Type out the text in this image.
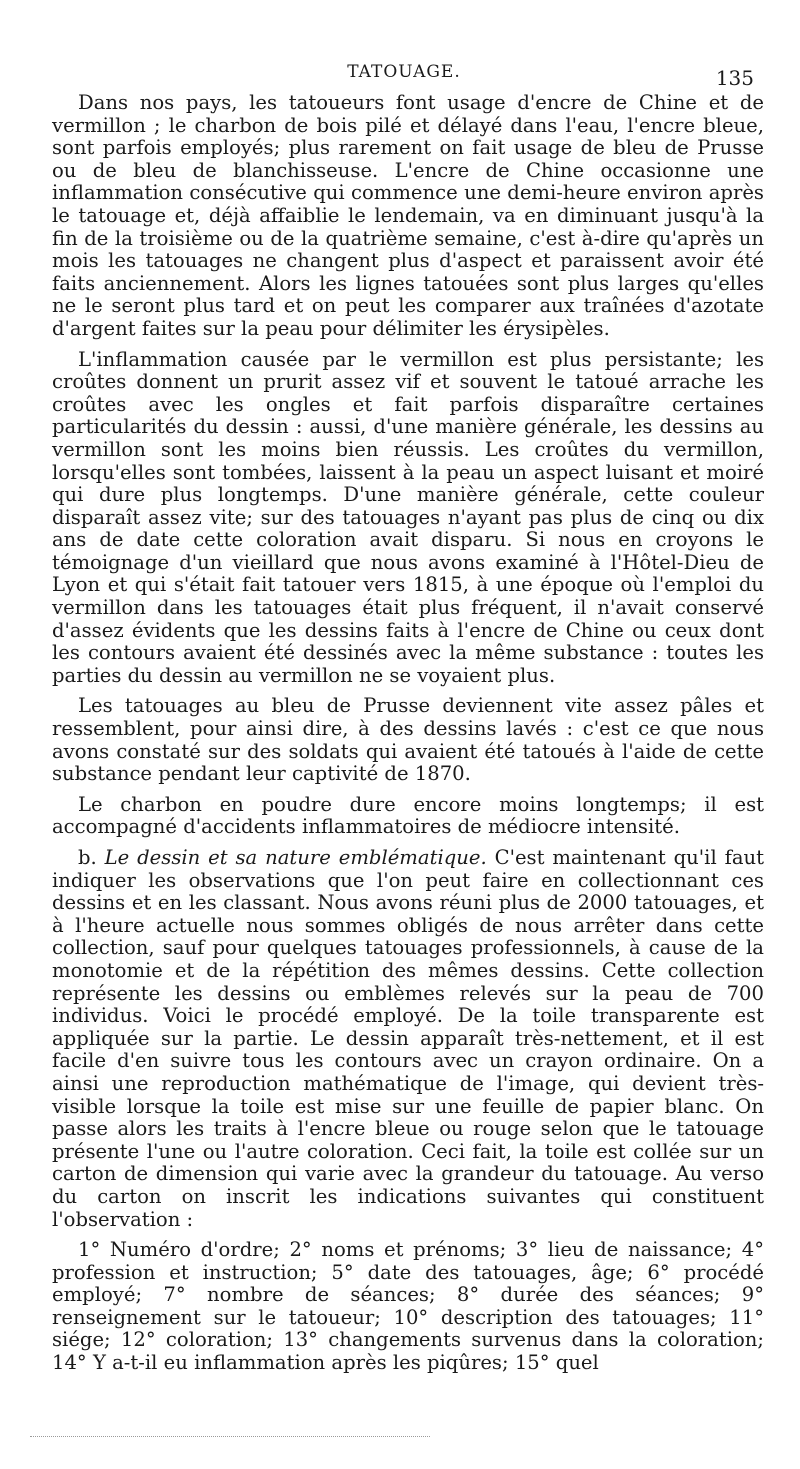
TATOUAGE.	135

Dans nos pays, les tatoueurs font usage d'encre de Chine et de vermillon ; le charbon de bois pilé et délayé dans l'eau, l'encre bleue, sont parfois employés; plus rarement on fait usage de bleu de Prusse ou de bleu de blanchisseuse. L'encre de Chine occasionne une inflammation consécutive qui commence une demi-heure environ après le tatouage et, déjà affaiblie le lendemain, va en diminuant jusqu'à la fin de la troisième ou de la quatrième semaine, c'est à-dire qu'après un mois les tatouages ne changent plus d'aspect et paraissent avoir été faits anciennement. Alors les lignes tatouées sont plus larges qu'elles ne le seront plus tard et on peut les comparer aux traînées d'azotate d'argent faites sur la peau pour délimiter les érysipèles.

L'inflammation causée par le vermillon est plus persistante; les croûtes donnent un prurit assez vif et souvent le tatoué arrache les croûtes avec les ongles et fait parfois disparaître certaines particularités du dessin : aussi, d'une manière générale, les dessins au vermillon sont les moins bien réussis. Les croûtes du vermillon, lorsqu'elles sont tombées, laissent à la peau un aspect luisant et moiré qui dure plus longtemps. D'une manière générale, cette couleur disparaît assez vite; sur des tatouages n'ayant pas plus de cinq ou dix ans de date cette coloration avait disparu. Si nous en croyons le témoignage d'un vieillard que nous avons examiné à l'Hôtel-Dieu de Lyon et qui s'était fait tatouer vers 1815, à une époque où l'emploi du vermillon dans les tatouages était plus fréquent, il n'avait conservé d'assez évidents que les dessins faits à l'encre de Chine ou ceux dont les contours avaient été dessinés avec la même substance : toutes les parties du dessin au vermillon ne se voyaient plus.

Les tatouages au bleu de Prusse deviennent vite assez pâles et ressemblent, pour ainsi dire, à des dessins lavés : c'est ce que nous avons constaté sur des soldats qui avaient été tatoués à l'aide de cette substance pendant leur captivité de 1870.

Le charbon en poudre dure encore moins longtemps; il est accompagné d'accidents inflammatoires de médiocre intensité.

b. Le dessin et sa nature emblématique. C'est maintenant qu'il faut indiquer les observations que l'on peut faire en collectionnant ces dessins et en les classant. Nous avons réuni plus de 2000 tatouages, et à l'heure actuelle nous sommes obligés de nous arrêter dans cette collection, sauf pour quelques tatouages professionnels, à cause de la monotomie et de la répétition des mêmes dessins. Cette collection représente les dessins ou emblèmes relevés sur la peau de 700 individus. Voici le procédé employé. De la toile transparente est appliquée sur la partie. Le dessin apparaît très-nettement, et il est facile d'en suivre tous les contours avec un crayon ordinaire. On a ainsi une reproduction mathématique de l'image, qui devient très-visible lorsque la toile est mise sur une feuille de papier blanc. On passe alors les traits à l'encre bleue ou rouge selon que le tatouage présente l'une ou l'autre coloration. Ceci fait, la toile est collée sur un carton de dimension qui varie avec la grandeur du tatouage. Au verso du carton on inscrit les indications suivantes qui constituent l'observation :

1° Numéro d'ordre; 2° noms et prénoms; 3° lieu de naissance; 4° profession et instruction; 5° date des tatouages, âge; 6° procédé employé; 7° nombre de séances; 8° durée des séances; 9° renseignement sur le tatoueur; 10° description des tatouages; 11° siége; 12° coloration; 13° changements survenus dans la coloration; 14° Y a-t-il eu inflammation après les piqûres; 15° quel
